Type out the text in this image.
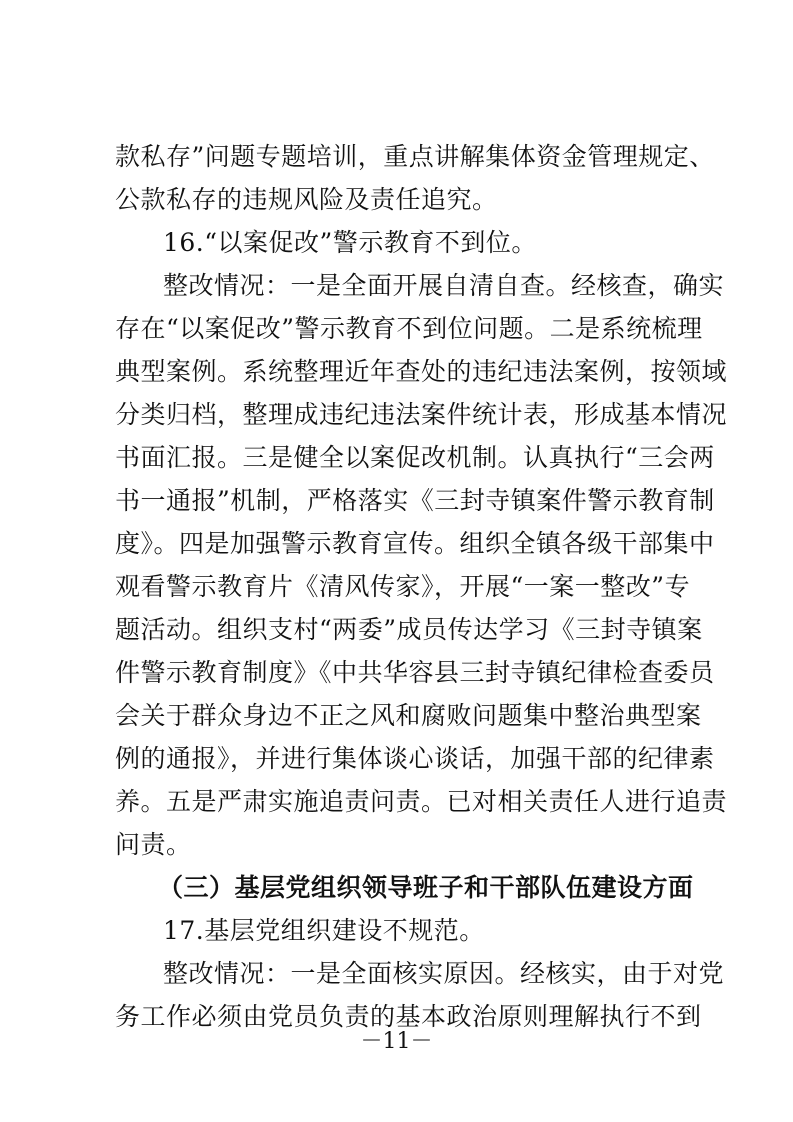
款私存”问题专题培训，重点讲解集体资金管理规定、
公款私存的违规风险及责任追究。
16.“以案促改”警示教育不到位。
整改情况：一是全面开展自清自查。经核查，确实
存在“以案促改”警示教育不到位问题。二是系统梳理
典型案例。系统整理近年查处的违纪违法案例，按领域
分类归档，整理成违纪违法案件统计表，形成基本情况
书面汇报。三是健全以案促改机制。认真执行“三会两
书一通报”机制，严格落实《三封寺镇案件警示教育制
度》。四是加强警示教育宣传。组织全镇各级干部集中
观看警示教育片《清风传家》，开展“一案一整改”专
题活动。组织支村“两委”成员传达学习《三封寺镇案
件警示教育制度》《中共华容县三封寺镇纪律检查委员
会关于群众身边不正之风和腐败问题集中整治典型案
例的通报》，并进行集体谈心谈话，加强干部的纪律素
养。五是严肃实施追责问责。已对相关责任人进行追责
问责。
（三）基层党组织领导班子和干部队伍建设方面
17.基层党组织建设不规范。
整改情况：一是全面核实原因。经核实，由于对党
务工作必须由党员负责的基本政治原则理解执行不到
－11－
